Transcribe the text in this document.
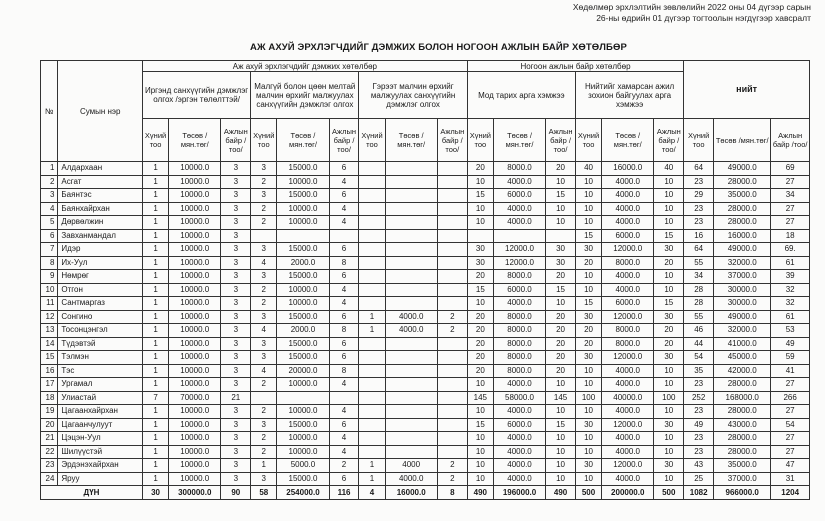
Хөдөлмөр эрхлэлтийн зөвлөлийн 2022 оны 04 дүгээр сарын
26-ны өдрийн 01 дүгээр тогтоолын нэгдүгээр хавсралт
АЖ АХУЙ ЭРХЛЭГЧДИЙГ ДЭМЖИХ БОЛОН НОГООН АЖЛЫН БАЙР ХӨТӨЛБӨР
№	Сумын нэр	Аж ахуй эрхлэгчдийг дэмжих хөтөлбөр									Ногоон ажлын байр хөтөлбөр						нийт		
		Иргэнд санхүүгийн дэмжлэг олгох /эргэн төлөлттэй/			Малгүй болон цөөн мелтай малчин өрхийг малжуулах санхүүгийн дэмжлэг олгох			Гэрээт малчин өрхийг малжуулах санхүүгийн дэмжлэг олгох			Мод тарих арга хэмжээ			Нийтийг хамарсан ажил зохион байгуулах арга хэмжээ					
		Хүний тоо	Төсөв /мян.төг/	Ажлын байр /тоо/	Хүний тоо	Төсөв /мян.төг/	Ажлын байр /тоо/	Хүний тоо	Төсөв /мян.төг/	Ажлын байр /тоо/	Хүний тоо	Төсөв /мян.төг/	Ажлын байр /тоо/	Хүний тоо	Төсөв /мян.төг/	Ажлын байр /тоо/	Хүний тоо	Төсөв /мян.төг/	Ажлын байр /тоо/
1	Алдархаан	1	10000.0	3	3	15000.0	6				20	8000.0	20	40	16000.0	40	64	49000.0	69
2	Асгат	1	10000.0	3	2	10000.0	4				10	4000.0	10	10	4000.0	10	23	28000.0	27
3	Баянтэс	1	10000.0	3	3	15000.0	6				15	6000.0	15	10	4000.0	10	29	35000.0	34
4	Баянхайрхан	1	10000.0	3	2	10000.0	4				10	4000.0	10	10	4000.0	10	23	28000.0	27
5	Дөрвөлжин	1	10000.0	3	2	10000.0	4				10	4000.0	10	10	4000.0	10	23	28000.0	27
6	Завханмандал	1	10000.0	3										15	6000.0	15	16	16000.0	18
7	Идэр	1	10000.0	3	3	15000.0	6				30	12000.0	30	30	12000.0	30	64	49000.0	69.
8	Их-Уул	1	10000.0	3	4	2000.0	8				30	12000.0	30	20	8000.0	20	55	32000.0	61
9	Нөмрөг	1	10000.0	3	3	15000.0	6				20	8000.0	20	10	4000.0	10	34	37000.0	39
10	Отгон	1	10000.0	3	2	10000.0	4				15	6000.0	15	10	4000.0	10	28	30000.0	32
11	Сантмаргаз	1	10000.0	3	2	10000.0	4				10	4000.0	10	15	6000.0	15	28	30000.0	32
12	Сонгино	1	10000.0	3	3	15000.0	6	1	4000.0	2	20	8000.0	20	30	12000.0	30	55	49000.0	61
13	Тосонцэнгэл	1	10000.0	3	4	2000.0	8	1	4000.0	2	20	8000.0	20	20	8000.0	20	46	32000.0	53
14	Түдэвтэй	1	10000.0	3	3	15000.0	6				20	8000.0	20	20	8000.0	20	44	41000.0	49
15	Тэлмэн	1	10000.0	3	3	15000.0	6				20	8000.0	20	30	12000.0	30	54	45000.0	59
16	Тэс	1	10000.0	3	4	20000.0	8				20	8000.0	20	10	4000.0	10	35	42000.0	41
17	Ургамал	1	10000.0	3	2	10000.0	4				10	4000.0	10	10	4000.0	10	23	28000.0	27
18	Улиастай	7	70000.0	21							145	58000.0	145	100	40000.0	100	252	168000.0	266
19	Цагаанхайрхан	1	10000.0	3	2	10000.0	4				10	4000.0	10	10	4000.0	10	23	28000.0	27
20	Цагаанчулуут	1	10000.0	3	3	15000.0	6				15	6000.0	15	30	12000.0	30	49	43000.0	54
21	Цэцэн-Уул	1	10000.0	3	2	10000.0	4				10	4000.0	10	10	4000.0	10	23	28000.0	27
22	Шилүүстэй	1	10000.0	3	2	10000.0	4				10	4000.0	10	10	4000.0	10	23	28000.0	27
23	Эрдэнэхайрхан	1	10000.0	3	1	5000.0	2	1	4000	2	10	4000.0	10	30	12000.0	30	43	35000.0	47
24	Яруу	1	10000.0	3	3	15000.0	6	1	4000.0	2	10	4000.0	10	10	4000.0	10	25	37000.0	31
ДҮН		30	300000.0	90	58	254000.0	116	4	16000.0	8	490	196000.0	490	500	200000.0	500	1082	966000.0	1204
